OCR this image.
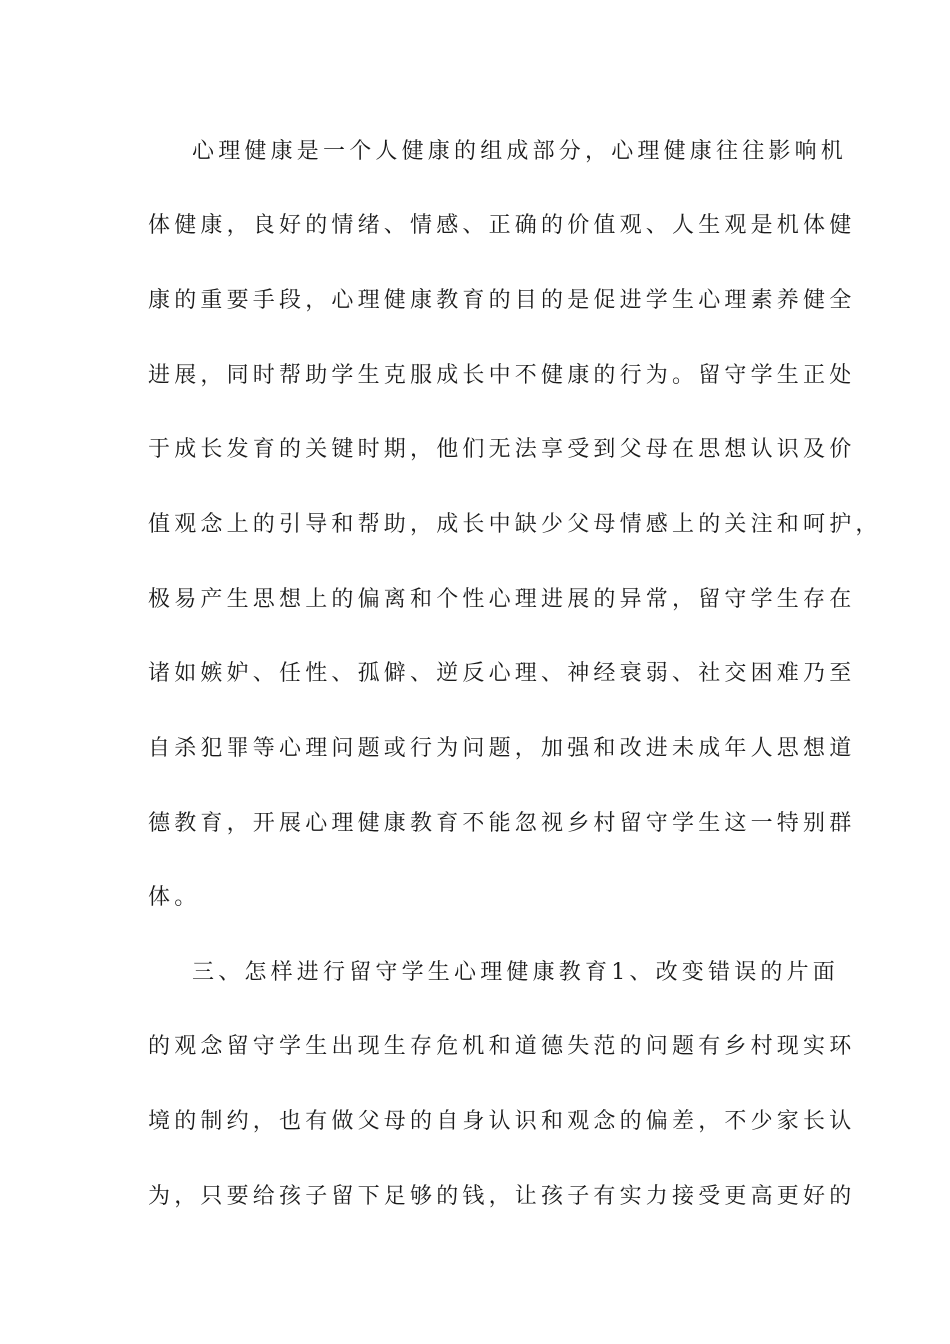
心理健康是一个人健康的组成部分，心理健康往往影响机
体健康，良好的情绪、情感、正确的价值观、人生观是机体健
康的重要手段，心理健康教育的目的是促进学生心理素养健全
进展，同时帮助学生克服成长中不健康的行为。留守学生正处
于成长发育的关键时期，他们无法享受到父母在思想认识及价
值观念上的引导和帮助，成长中缺少父母情感上的关注和呵护，
极易产生思想上的偏离和个性心理进展的异常，留守学生存在
诸如嫉妒、任性、孤僻、逆反心理、神经衰弱、社交困难乃至
自杀犯罪等心理问题或行为问题，加强和改进未成年人思想道
德教育，开展心理健康教育不能忽视乡村留守学生这一特别群
体。
三、怎样进行留守学生心理健康教育1、改变错误的片面
的观念留守学生出现生存危机和道德失范的问题有乡村现实环
境的制约，也有做父母的自身认识和观念的偏差，不少家长认
为，只要给孩子留下足够的钱，让孩子有实力接受更高更好的
